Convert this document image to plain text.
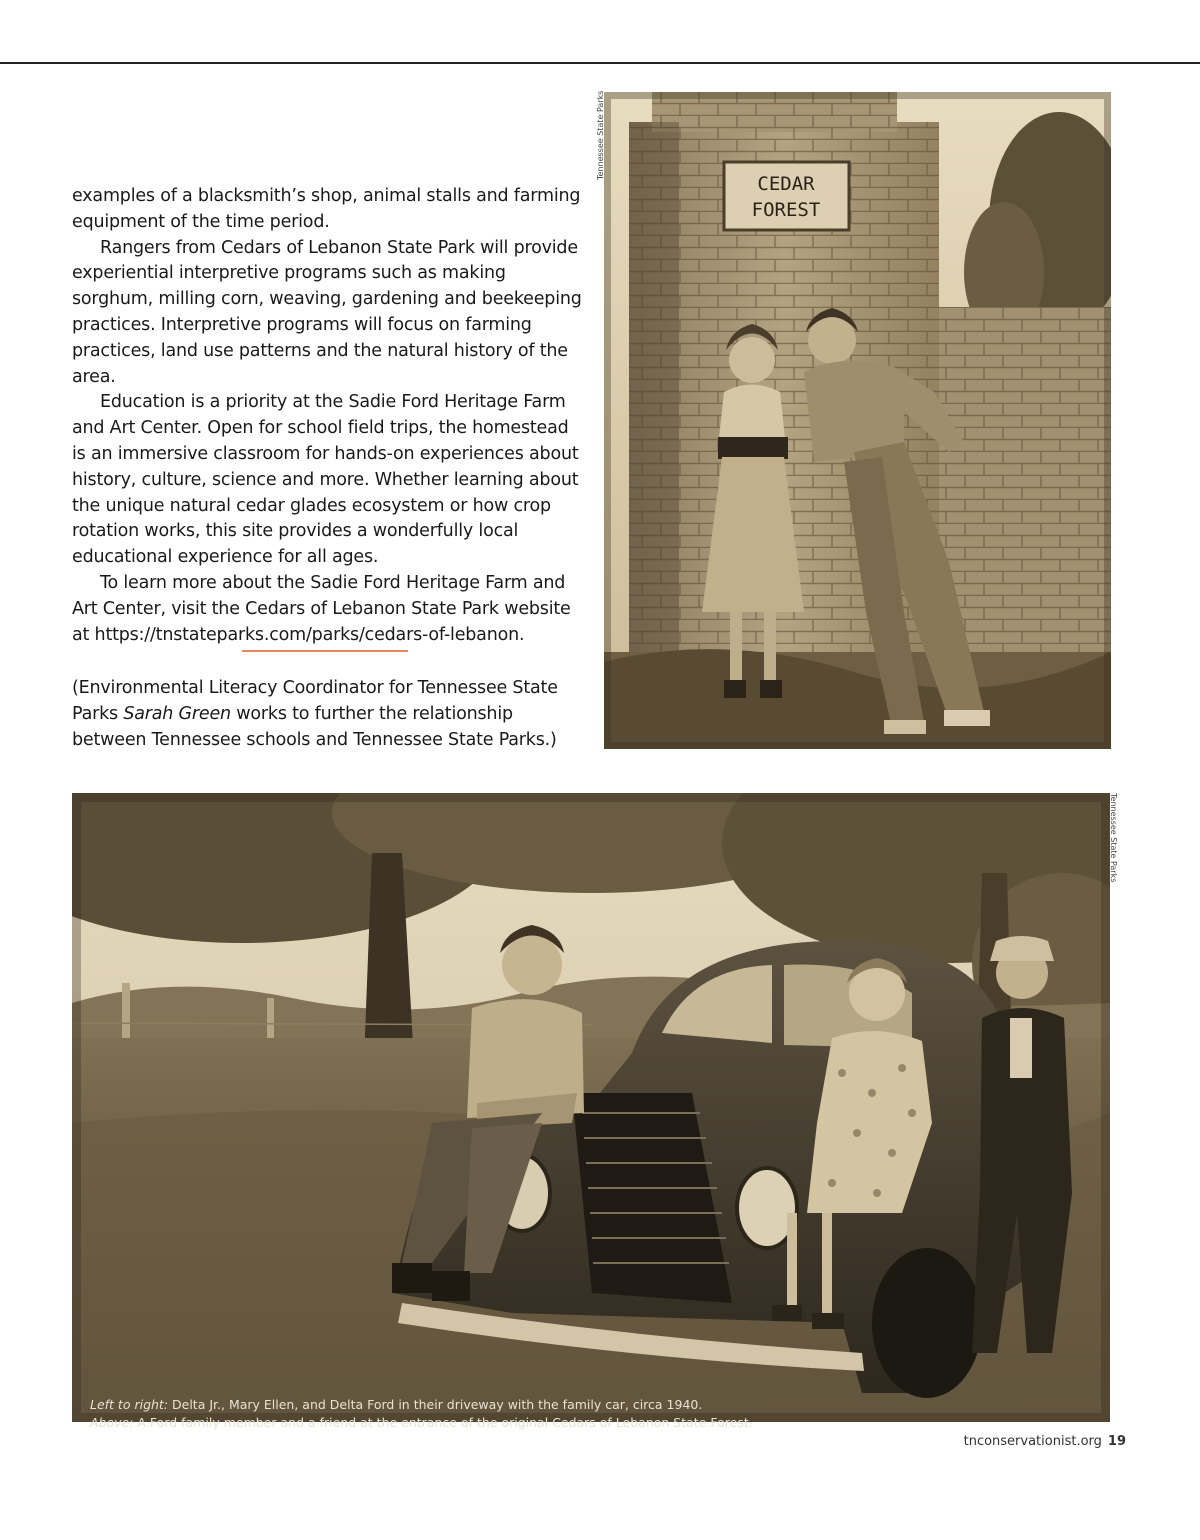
examples of a blacksmith’s shop, animal stalls and farming equipment of the time period.

Rangers from Cedars of Lebanon State Park will provide experiential interpretive programs such as making sorghum, milling corn, weaving, gardening and beekeeping practices. Interpretive programs will focus on farming practices, land use patterns and the natural history of the area.

Education is a priority at the Sadie Ford Heritage Farm and Art Center. Open for school field trips, the homestead is an immersive classroom for hands-on experiences about history, culture, science and more. Whether learning about the unique natural cedar glades ecosystem or how crop rotation works, this site provides a wonderfully local educational experience for all ages.

To learn more about the Sadie Ford Heritage Farm and Art Center, visit the Cedars of Lebanon State Park website at https://tnstateparks.com/parks/cedars-of-lebanon.

(Environmental Literacy Coordinator for Tennessee State Parks Sarah Green works to further the relationship between Tennessee schools and Tennessee State Parks.)

CEDAR
FOREST
Tennessee State Parks
Tennessee State Parks

Left to right: Delta Jr., Mary Ellen, and Delta Ford in their driveway with the family car, circa 1940.

Above: A Ford family member and a friend at the entrance of the original Cedars of Lebanon State Forest.

tnconservationist.org 19
